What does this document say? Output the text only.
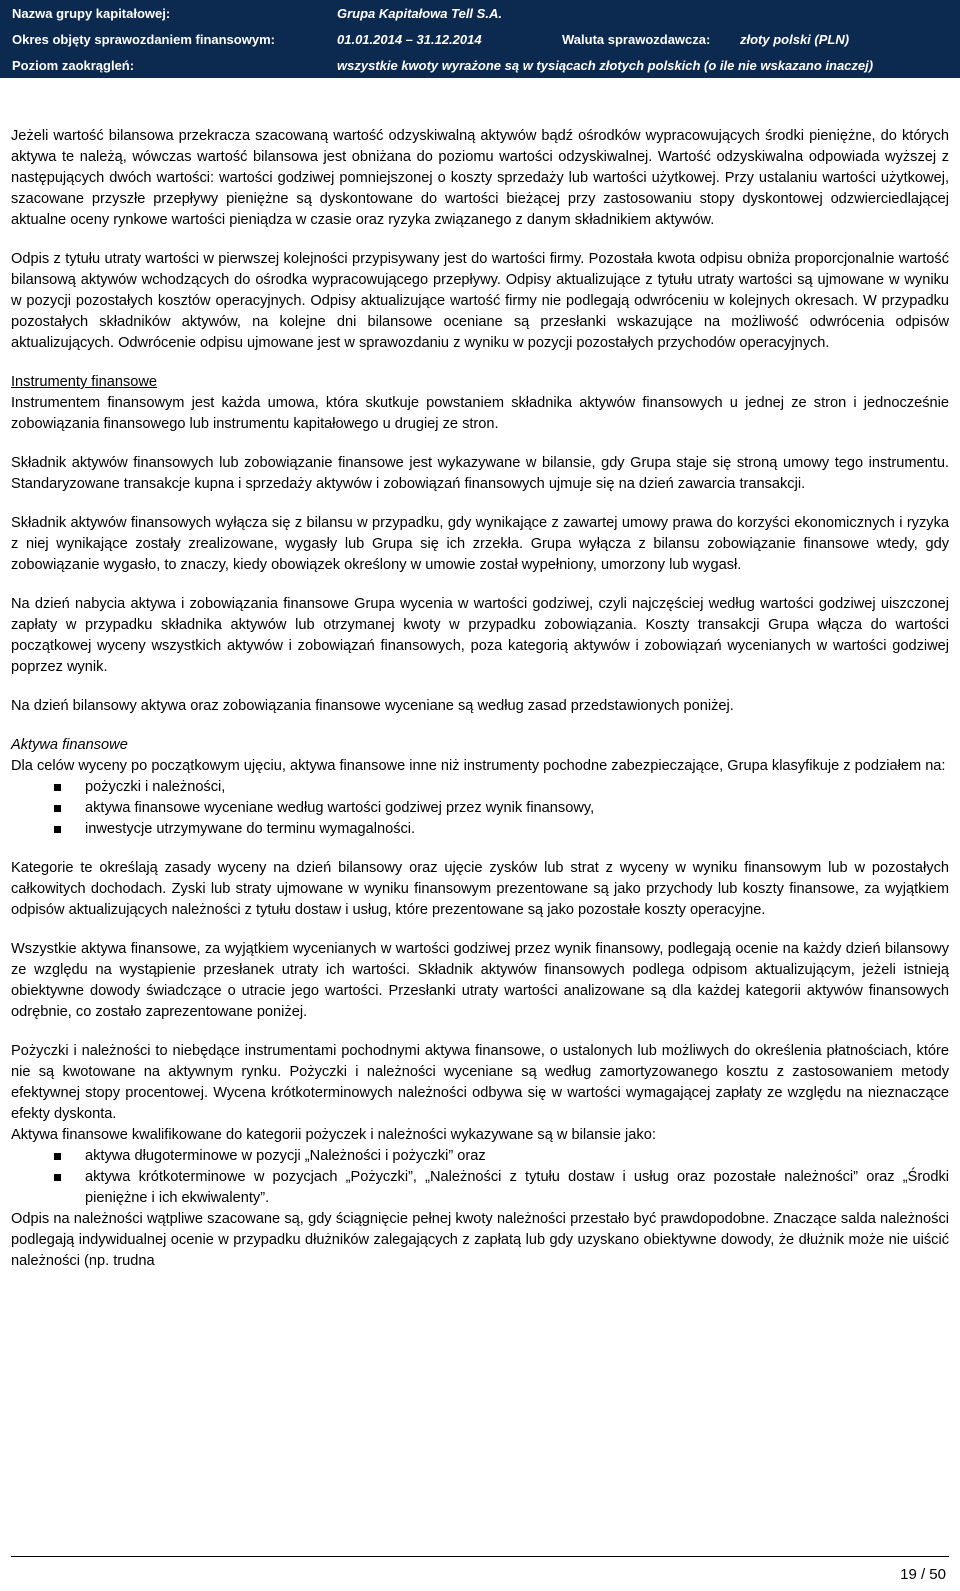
Nazwa grupy kapitałowej:	Grupa Kapitałowa Tell S.A.
Okres objęty sprawozdaniem finansowym:	01.01.2014 – 31.12.2014	Waluta sprawozdawcza: złoty polski (PLN)
Poziom zaokrągleń:	wszystkie kwoty wyrażone są w tysiącach złotych polskich (o ile nie wskazano inaczej)

Jeżeli wartość bilansowa przekracza szacowaną wartość odzyskiwalną aktywów bądź ośrodków wypracowujących środki pieniężne, do których aktywa te należą, wówczas wartość bilansowa jest obniżana do poziomu wartości odzyskiwalnej. Wartość odzyskiwalna odpowiada wyższej z następujących dwóch wartości: wartości godziwej pomniejszonej o koszty sprzedaży lub wartości użytkowej. Przy ustalaniu wartości użytkowej, szacowane przyszłe przepływy pieniężne są dyskontowane do wartości bieżącej przy zastosowaniu stopy dyskontowej odzwierciedlającej aktualne oceny rynkowe wartości pieniądza w czasie oraz ryzyka związanego z danym składnikiem aktywów.

Odpis z tytułu utraty wartości w pierwszej kolejności przypisywany jest do wartości firmy. Pozostała kwota odpisu obniża proporcjonalnie wartość bilansową aktywów wchodzących do ośrodka wypracowującego przepływy. Odpisy aktualizujące z tytułu utraty wartości są ujmowane w wyniku w pozycji pozostałych kosztów operacyjnych. Odpisy aktualizujące wartość firmy nie podlegają odwróceniu w kolejnych okresach. W przypadku pozostałych składników aktywów, na kolejne dni bilansowe oceniane są przesłanki wskazujące na możliwość odwrócenia odpisów aktualizujących. Odwrócenie odpisu ujmowane jest w sprawozdaniu z wyniku w pozycji pozostałych przychodów operacyjnych.

Instrumenty finansowe

Instrumentem finansowym jest każda umowa, która skutkuje powstaniem składnika aktywów finansowych u jednej ze stron i jednocześnie zobowiązania finansowego lub instrumentu kapitałowego u drugiej ze stron.

Składnik aktywów finansowych lub zobowiązanie finansowe jest wykazywane w bilansie, gdy Grupa staje się stroną umowy tego instrumentu. Standaryzowane transakcje kupna i sprzedaży aktywów i zobowiązań finansowych ujmuje się na dzień zawarcia transakcji.

Składnik aktywów finansowych wyłącza się z bilansu w przypadku, gdy wynikające z zawartej umowy prawa do korzyści ekonomicznych i ryzyka z niej wynikające zostały zrealizowane, wygasły lub Grupa się ich zrzekła. Grupa wyłącza z bilansu zobowiązanie finansowe wtedy, gdy zobowiązanie wygasło, to znaczy, kiedy obowiązek określony w umowie został wypełniony, umorzony lub wygasł.

Na dzień nabycia aktywa i zobowiązania finansowe Grupa wycenia w wartości godziwej, czyli najczęściej według wartości godziwej uiszczonej zapłaty w przypadku składnika aktywów lub otrzymanej kwoty w przypadku zobowiązania. Koszty transakcji Grupa włącza do wartości początkowej wyceny wszystkich aktywów i zobowiązań finansowych, poza kategorią aktywów i zobowiązań wycenianych w wartości godziwej poprzez wynik.

Na dzień bilansowy aktywa oraz zobowiązania finansowe wyceniane są według zasad przedstawionych poniżej.

Aktywa finansowe

Dla celów wyceny po początkowym ujęciu, aktywa finansowe inne niż instrumenty pochodne zabezpieczające, Grupa klasyfikuje z podziałem na:

pożyczki i należności,
aktywa finansowe wyceniane według wartości godziwej przez wynik finansowy,
inwestycje utrzymywane do terminu wymagalności.

Kategorie te określają zasady wyceny na dzień bilansowy oraz ujęcie zysków lub strat z wyceny w wyniku finansowym lub w pozostałych całkowitych dochodach. Zyski lub straty ujmowane w wyniku finansowym prezentowane są jako przychody lub koszty finansowe, za wyjątkiem odpisów aktualizujących należności z tytułu dostaw i usług, które prezentowane są jako pozostałe koszty operacyjne.

Wszystkie aktywa finansowe, za wyjątkiem wycenianych w wartości godziwej przez wynik finansowy, podlegają ocenie na każdy dzień bilansowy ze względu na wystąpienie przesłanek utraty ich wartości. Składnik aktywów finansowych podlega odpisom aktualizującym, jeżeli istnieją obiektywne dowody świadczące o utracie jego wartości. Przesłanki utraty wartości analizowane są dla każdej kategorii aktywów finansowych odrębnie, co zostało zaprezentowane poniżej.

Pożyczki i należności to niebędące instrumentami pochodnymi aktywa finansowe, o ustalonych lub możliwych do określenia płatnościach, które nie są kwotowane na aktywnym rynku. Pożyczki i należności wyceniane są według zamortyzowanego kosztu z zastosowaniem metody efektywnej stopy procentowej. Wycena krótkoterminowych należności odbywa się w wartości wymagającej zapłaty ze względu na nieznaczące efekty dyskonta.

Aktywa finansowe kwalifikowane do kategorii pożyczek i należności wykazywane są w bilansie jako:

aktywa długoterminowe w pozycji „Należności i pożyczki” oraz
aktywa krótkoterminowe w pozycjach „Pożyczki”, „Należności z tytułu dostaw i usług oraz pozostałe należności” oraz „Środki pieniężne i ich ekwiwalenty”.

Odpis na należności wątpliwe szacowane są, gdy ściągnięcie pełnej kwoty należności przestało być prawdopodobne. Znaczące salda należności podlegają indywidualnej ocenie w przypadku dłużników zalegających z zapłatą lub gdy uzyskano obiektywne dowody, że dłużnik może nie uiścić należności (np. trudna

19 / 50
